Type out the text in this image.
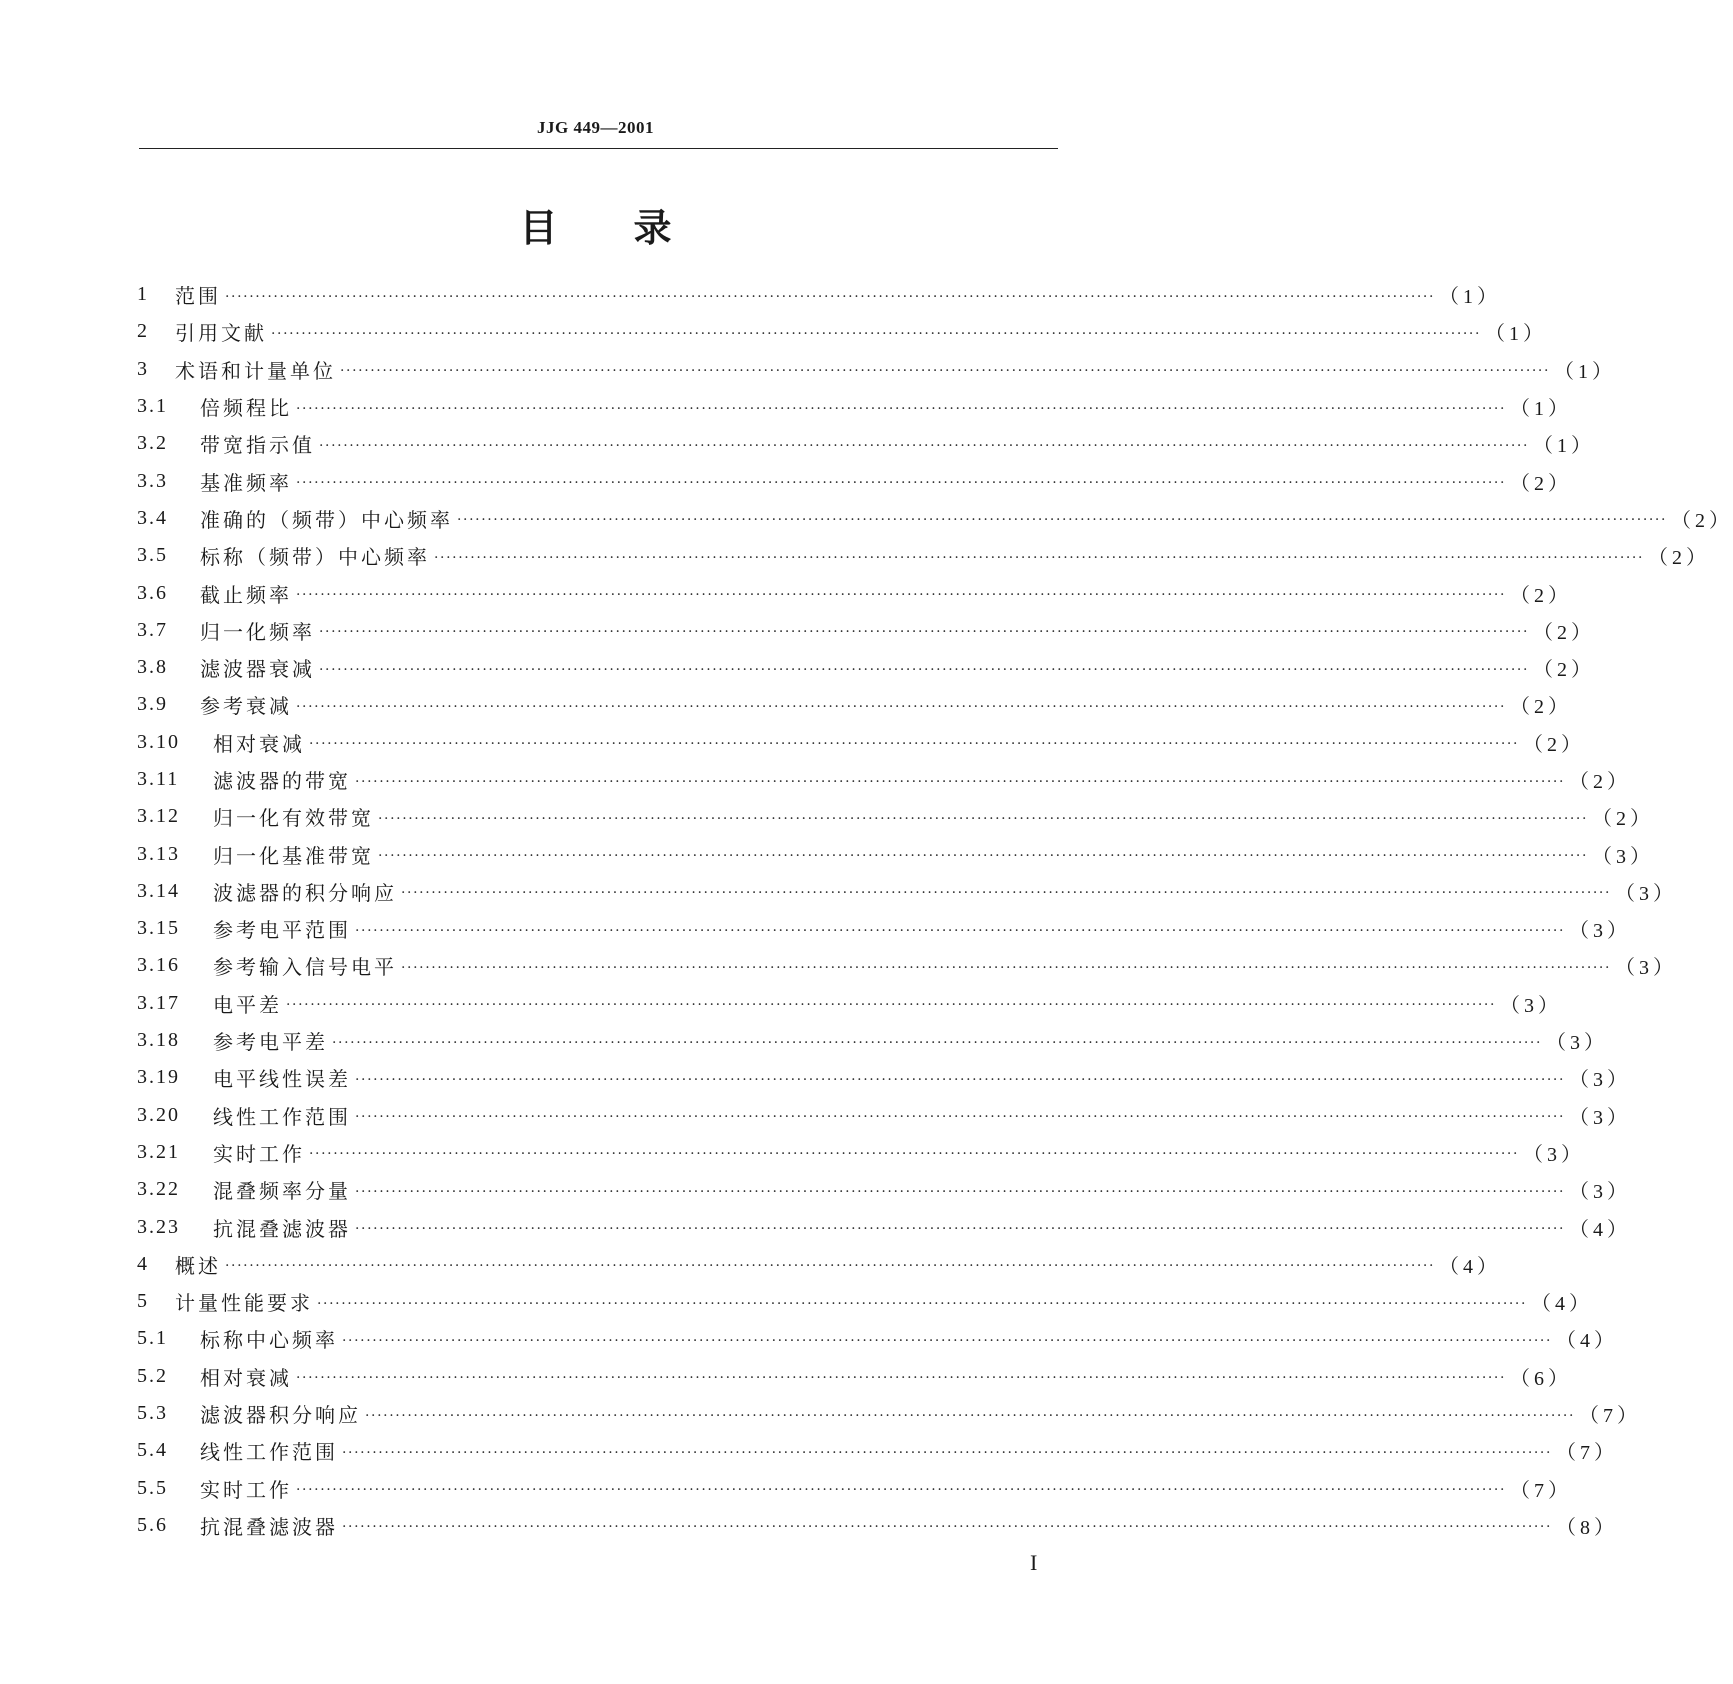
JJG 449—2001
目录
1	范围 ········································································································································································································ （1）
2	引用文献 ········································································································································································································ （1）
3	术语和计量单位 ········································································································································································································ （1）
3.1	倍频程比 ········································································································································································································ （1）
3.2	带宽指示值 ········································································································································································································ （1）
3.3	基准频率 ········································································································································································································ （2）
3.4	准确的（频带）中心频率 ········································································································································································································ （2）
3.5	标称（频带）中心频率 ········································································································································································································ （2）
3.6	截止频率 ········································································································································································································ （2）
3.7	归一化频率 ········································································································································································································ （2）
3.8	滤波器衰减 ········································································································································································································ （2）
3.9	参考衰减 ········································································································································································································ （2）
3.10	相对衰减 ········································································································································································································ （2）
3.11	滤波器的带宽 ········································································································································································································ （2）
3.12	归一化有效带宽 ········································································································································································································ （2）
3.13	归一化基准带宽 ········································································································································································································ （3）
3.14	波滤器的积分响应 ········································································································································································································ （3）
3.15	参考电平范围 ········································································································································································································ （3）
3.16	参考输入信号电平 ········································································································································································································ （3）
3.17	电平差 ········································································································································································································ （3）
3.18	参考电平差 ········································································································································································································ （3）
3.19	电平线性误差 ········································································································································································································ （3）
3.20	线性工作范围 ········································································································································································································ （3）
3.21	实时工作 ········································································································································································································ （3）
3.22	混叠频率分量 ········································································································································································································ （3）
3.23	抗混叠滤波器 ········································································································································································································ （4）
4	概述 ········································································································································································································ （4）
5	计量性能要求 ········································································································································································································ （4）
5.1	标称中心频率 ········································································································································································································ （4）
5.2	相对衰减 ········································································································································································································ （6）
5.3	滤波器积分响应 ········································································································································································································ （7）
5.4	线性工作范围 ········································································································································································································ （7）
5.5	实时工作 ········································································································································································································ （7）
5.6	抗混叠滤波器 ········································································································································································································ （8）
I
